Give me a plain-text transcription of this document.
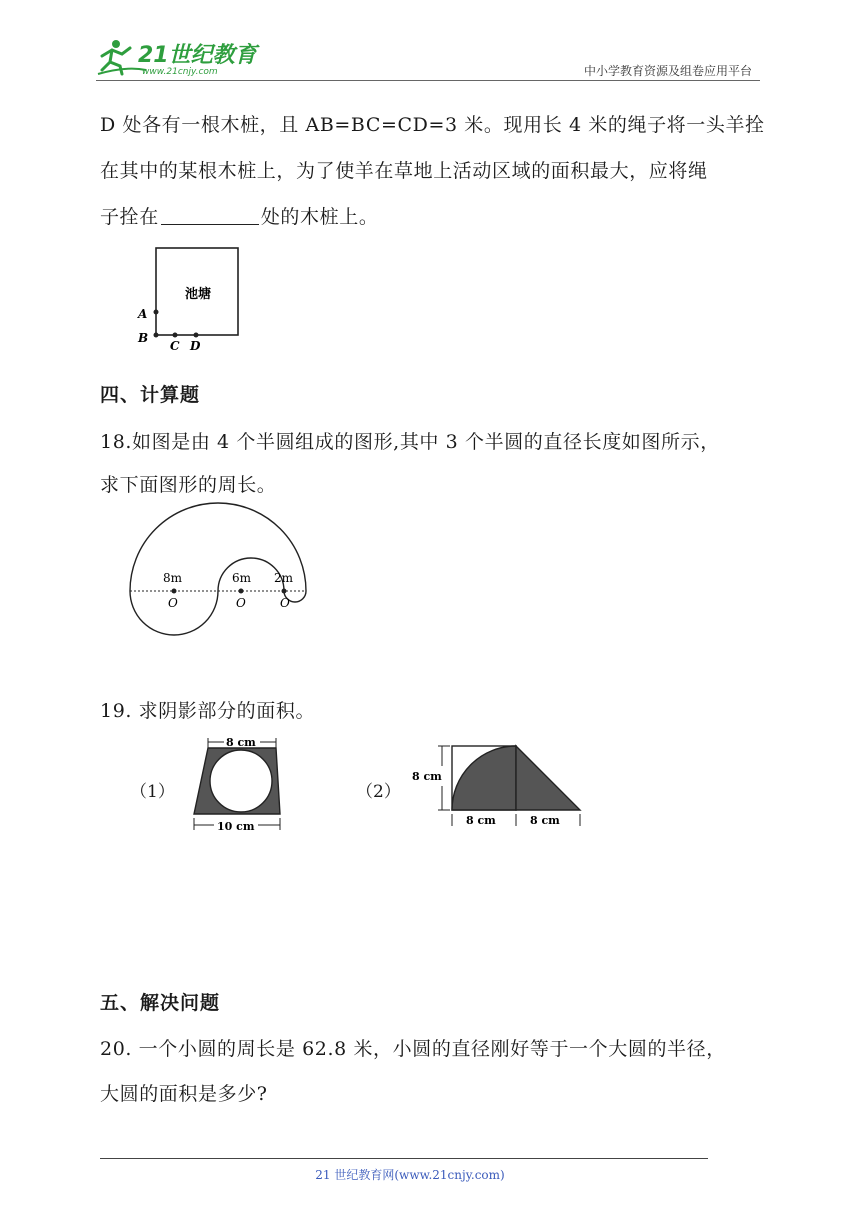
21世纪教育
www.21cnjy.com	中小学教育资源及组卷应用平台
D 处各有一根木桩，且 AB=BC=CD=3 米。现用长 4 米的绳子将一头羊拴
在其中的某根木桩上，为了使羊在草地上活动区域的面积最大，应将绳
子拴在	处的木桩上。
池塘
A
B
C D
四、计算题
18.如图是由 4 个半圆组成的图形,其中 3 个半圆的直径长度如图所示，
求下面图形的周长。
8m	6m 2m
O	O	O
19. 求阴影部分的面积。
（1）	（2）
8 cm
10 cm
8 cm
8 cm	8 cm
五、解决问题
20. 一个小圆的周长是 62.8 米，小圆的直径刚好等于一个大圆的半径，
大圆的面积是多少?
21 世纪教育网(www.21cnjy.com)
